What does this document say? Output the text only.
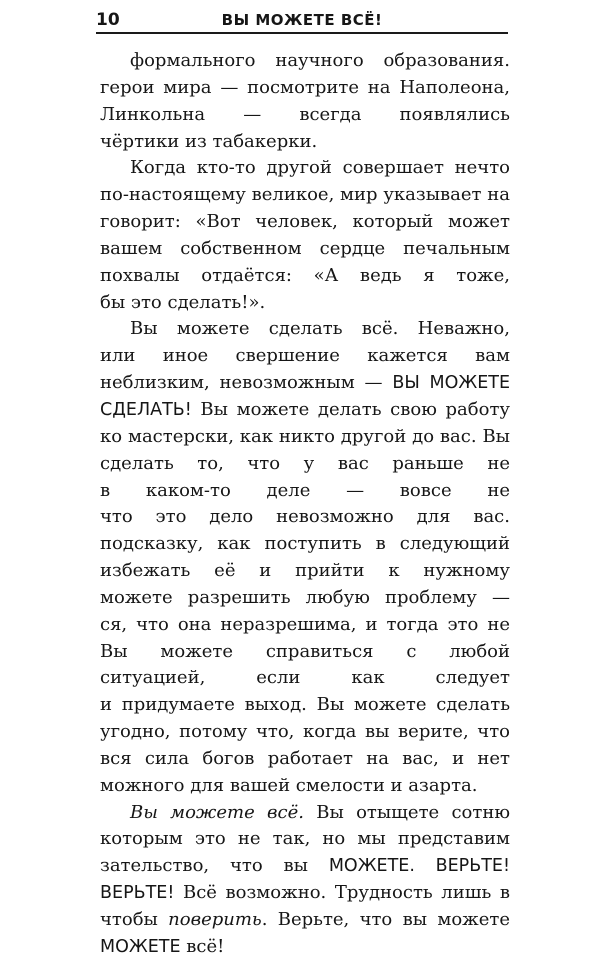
10	ВЫ МОЖЕТЕ ВСЁ!
формального научного образования.
герои мира — посмотрите на Наполеона,
Линкольна — всегда появлялись
чёртики из табакерки.
Когда кто-то другой совершает нечто
по-настоящему великое, мир указывает на
говорит: «Вот человек, который может
вашем собственном сердце печальным
похвалы отдаётся: «А ведь я тоже,
бы это сделать!».
Вы можете сделать всё. Неважно,
или иное свершение кажется вам
неблизким, невозможным — ВЫ МОЖЕТЕ
СДЕЛАТЬ! Вы можете делать свою работу
ко мастерски, как никто другой до вас. Вы
сделать то, что у вас раньше не
в каком-то деле — вовсе не
что это дело невозможно для вас.
подсказку, как поступить в следующий
избежать её и прийти к нужному
можете разрешить любую проблему —
ся, что она неразрешима, и тогда это не
Вы можете справиться с любой
ситуацией, если как следует
и придумаете выход. Вы можете сделать
угодно, потому что, когда вы верите, что
вся сила богов работает на вас, и нет
можного для вашей смелости и азарта.
Вы можете всё. Вы отыщете сотню
которым это не так, но мы представим
зательство, что вы МОЖЕТЕ. ВЕРЬТЕ!
ВЕРЬТЕ! Всё возможно. Трудность лишь в
чтобы поверить. Верьте, что вы можете
МОЖЕТЕ всё!
